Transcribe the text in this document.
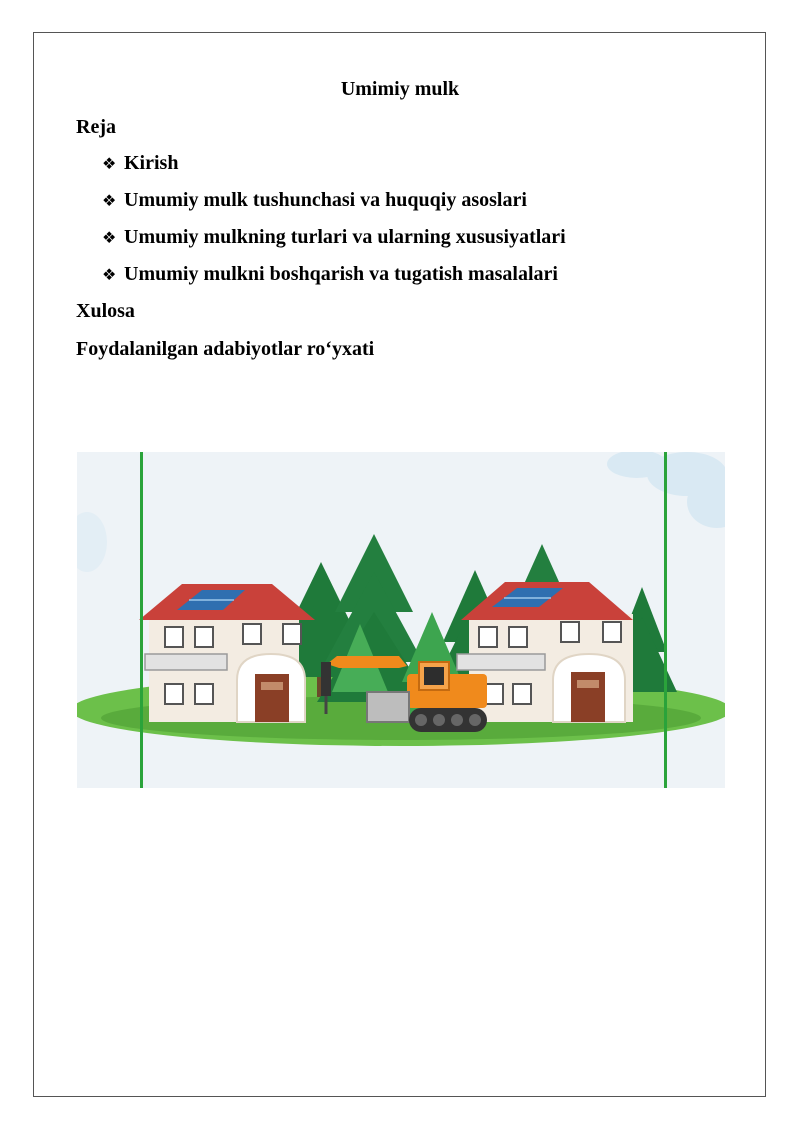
Umimiy mulk
Reja
❖ Kirish
❖ Umumiy mulk tushunchasi va huquqiy asoslari
❖ Umumiy mulkning turlari va ularning xususiyatlari
❖ Umumiy mulkni boshqarish va tugatish masalalari
Xulosa
Foydalanilgan adabiyotlar ro‘yxati
